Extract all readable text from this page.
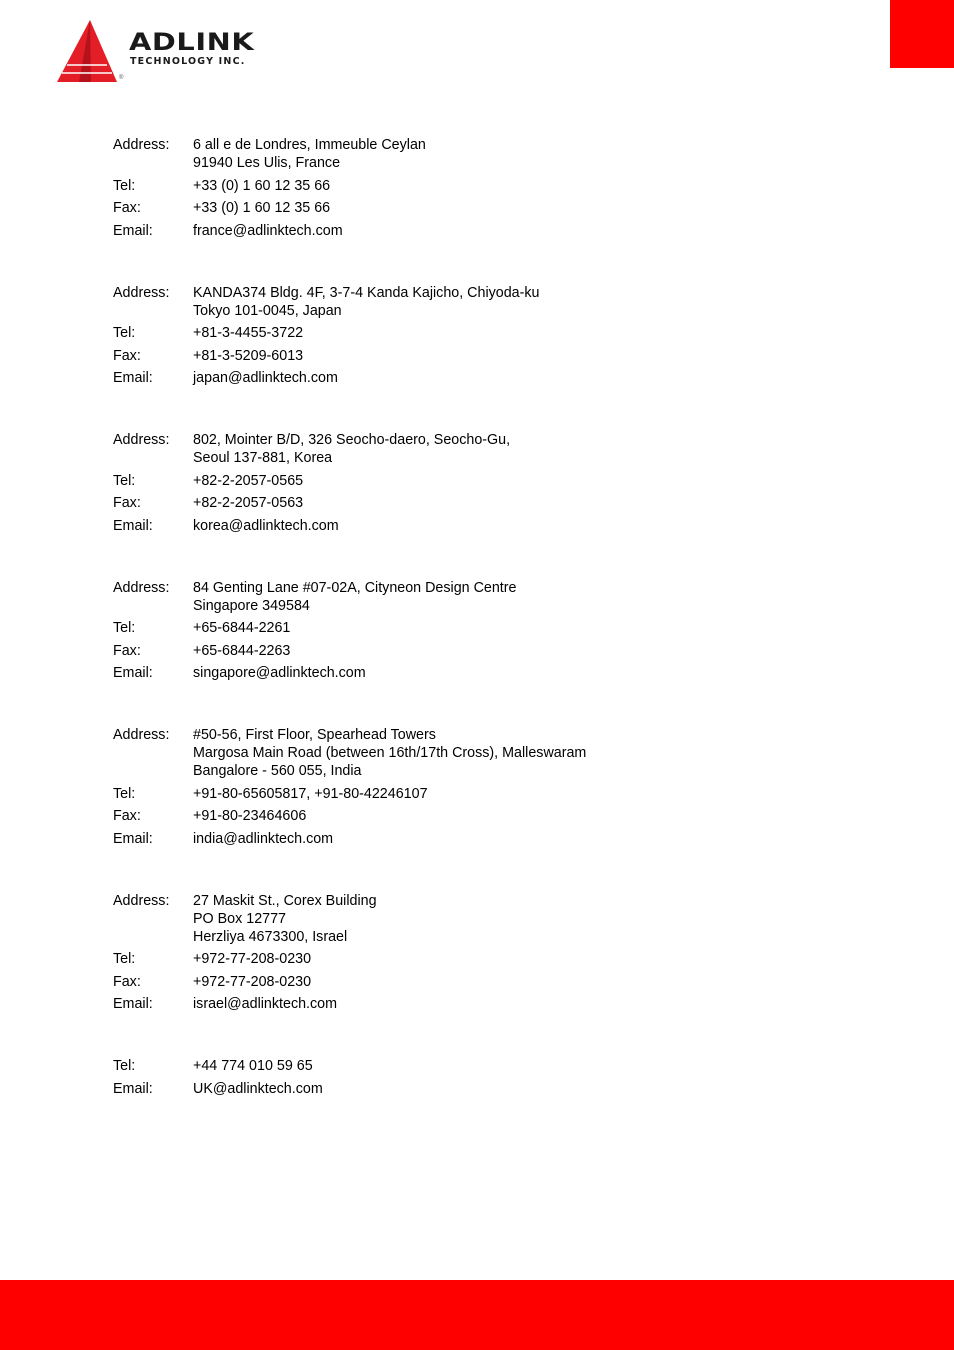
ADLINK
TECHNOLOGY INC.
®
Address:	6 all e de Londres, Immeuble Ceylan
91940 Les Ulis, France
Tel:	+33 (0) 1 60 12 35 66
Fax:	+33 (0) 1 60 12 35 66
Email:	france@adlinktech.com
Address:	KANDA374 Bldg. 4F, 3-7-4 Kanda Kajicho, Chiyoda-ku
Tokyo 101-0045, Japan
Tel:	+81-3-4455-3722
Fax:	+81-3-5209-6013
Email:	japan@adlinktech.com
Address:	802, Mointer B/D, 326 Seocho-daero, Seocho-Gu,
Seoul 137-881, Korea
Tel:	+82-2-2057-0565
Fax:	+82-2-2057-0563
Email:	korea@adlinktech.com
Address:	84 Genting Lane #07-02A, Cityneon Design Centre
Singapore 349584
Tel:	+65-6844-2261
Fax:	+65-6844-2263
Email:	singapore@adlinktech.com
Address:	#50-56, First Floor, Spearhead Towers
Margosa Main Road (between 16th/17th Cross), Malleswaram
Bangalore - 560 055, India
Tel:	+91-80-65605817, +91-80-42246107
Fax:	+91-80-23464606
Email:	india@adlinktech.com
Address:	27 Maskit St., Corex Building
PO Box 12777
Herzliya 4673300, Israel
Tel:	+972-77-208-0230
Fax:	+972-77-208-0230
Email:	israel@adlinktech.com
Tel:	+44 774 010 59 65
Email:	UK@adlinktech.com
